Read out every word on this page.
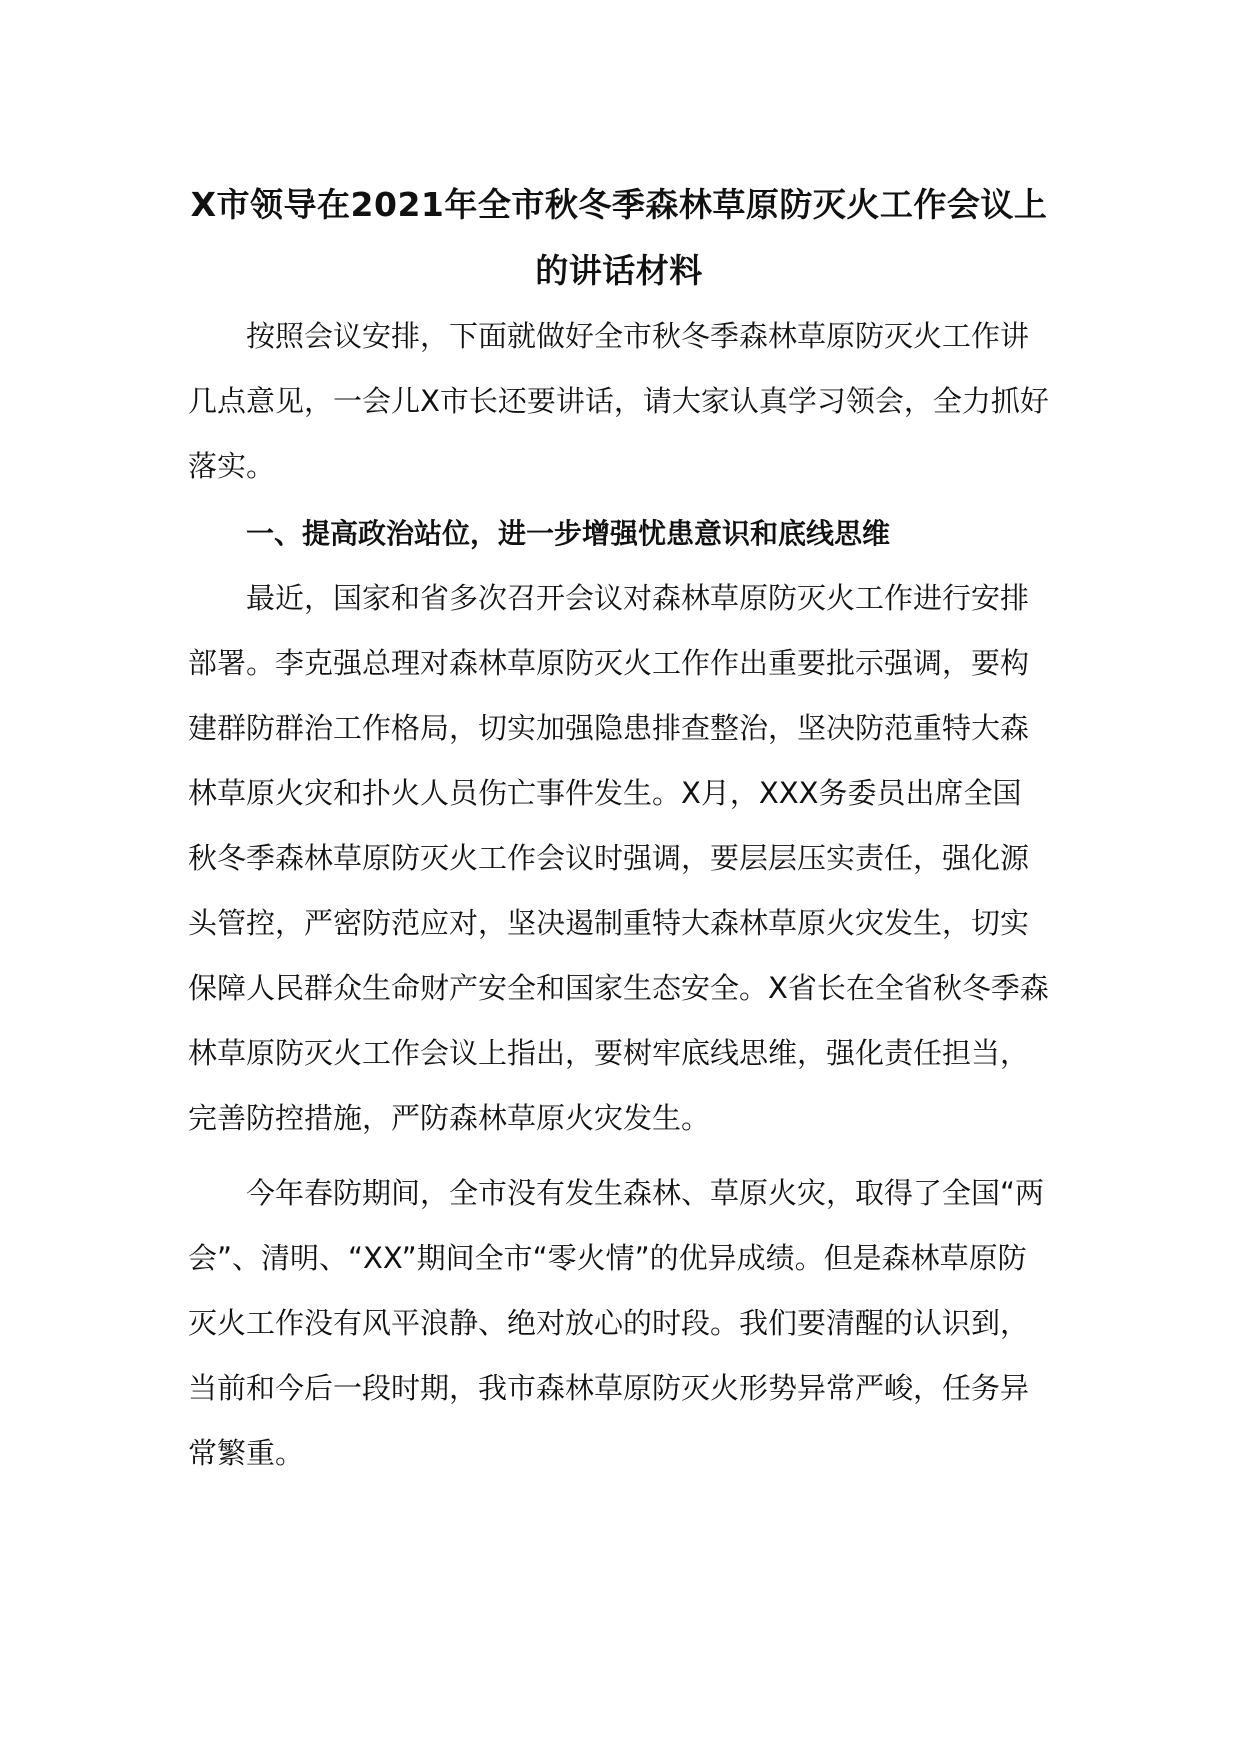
X市领导在2021年全市秋冬季森林草原防灭火工作会议上的讲话材料

按照会议安排，下面就做好全市秋冬季森林草原防灭火工作讲几点意见，一会儿X市长还要讲话，请大家认真学习领会，全力抓好落实。

一、提高政治站位，进一步增强忧患意识和底线思维

最近，国家和省多次召开会议对森林草原防灭火工作进行安排部署。李克强总理对森林草原防灭火工作作出重要批示强调，要构建群防群治工作格局，切实加强隐患排查整治，坚决防范重特大森林草原火灾和扑火人员伤亡事件发生。X月，XXX务委员出席全国秋冬季森林草原防灭火工作会议时强调，要层层压实责任，强化源头管控，严密防范应对，坚决遏制重特大森林草原火灾发生，切实保障人民群众生命财产安全和国家生态安全。X省长在全省秋冬季森林草原防灭火工作会议上指出，要树牢底线思维，强化责任担当，完善防控措施，严防森林草原火灾发生。

今年春防期间，全市没有发生森林、草原火灾，取得了全国“两会”、清明、“XX”期间全市“零火情”的优异成绩。但是森林草原防灭火工作没有风平浪静、绝对放心的时段。我们要清醒的认识到，当前和今后一段时期，我市森林草原防灭火形势异常严峻，任务异常繁重。
